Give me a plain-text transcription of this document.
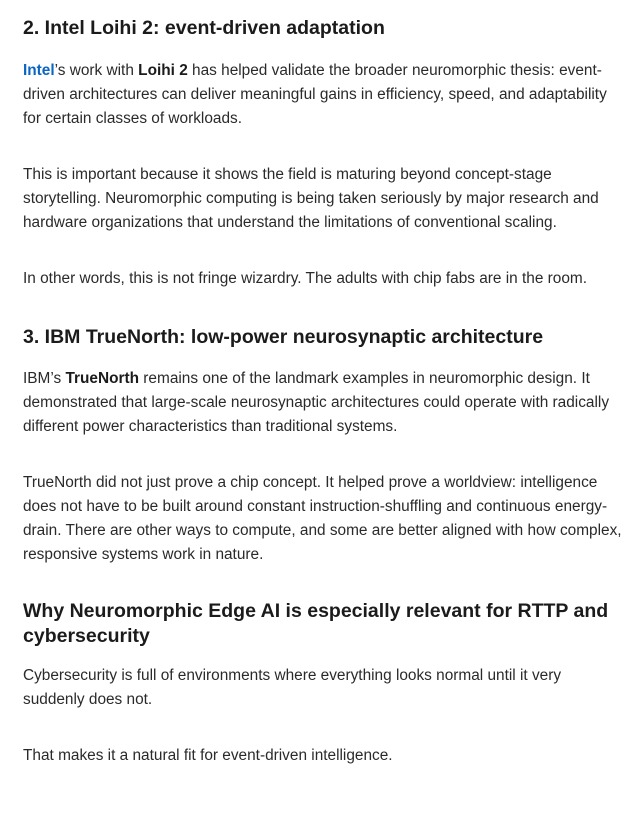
2. Intel Loihi 2: event-driven adaptation

Intel’s work with Loihi 2 has helped validate the broader neuromorphic thesis: event-driven architectures can deliver meaningful gains in efficiency, speed, and adaptability for certain classes of workloads.

This is important because it shows the field is maturing beyond concept-stage storytelling. Neuromorphic computing is being taken seriously by major research and hardware organizations that understand the limitations of conventional scaling.

In other words, this is not fringe wizardry. The adults with chip fabs are in the room.

3. IBM TrueNorth: low-power neurosynaptic architecture

IBM’s TrueNorth remains one of the landmark examples in neuromorphic design. It demonstrated that large-scale neurosynaptic architectures could operate with radically different power characteristics than traditional systems.

TrueNorth did not just prove a chip concept. It helped prove a worldview: intelligence does not have to be built around constant instruction-shuffling and continuous energy-drain. There are other ways to compute, and some are better aligned with how complex, responsive systems work in nature.

Why Neuromorphic Edge AI is especially relevant for RTTP and cybersecurity

Cybersecurity is full of environments where everything looks normal until it very suddenly does not.

That makes it a natural fit for event-driven intelligence.
